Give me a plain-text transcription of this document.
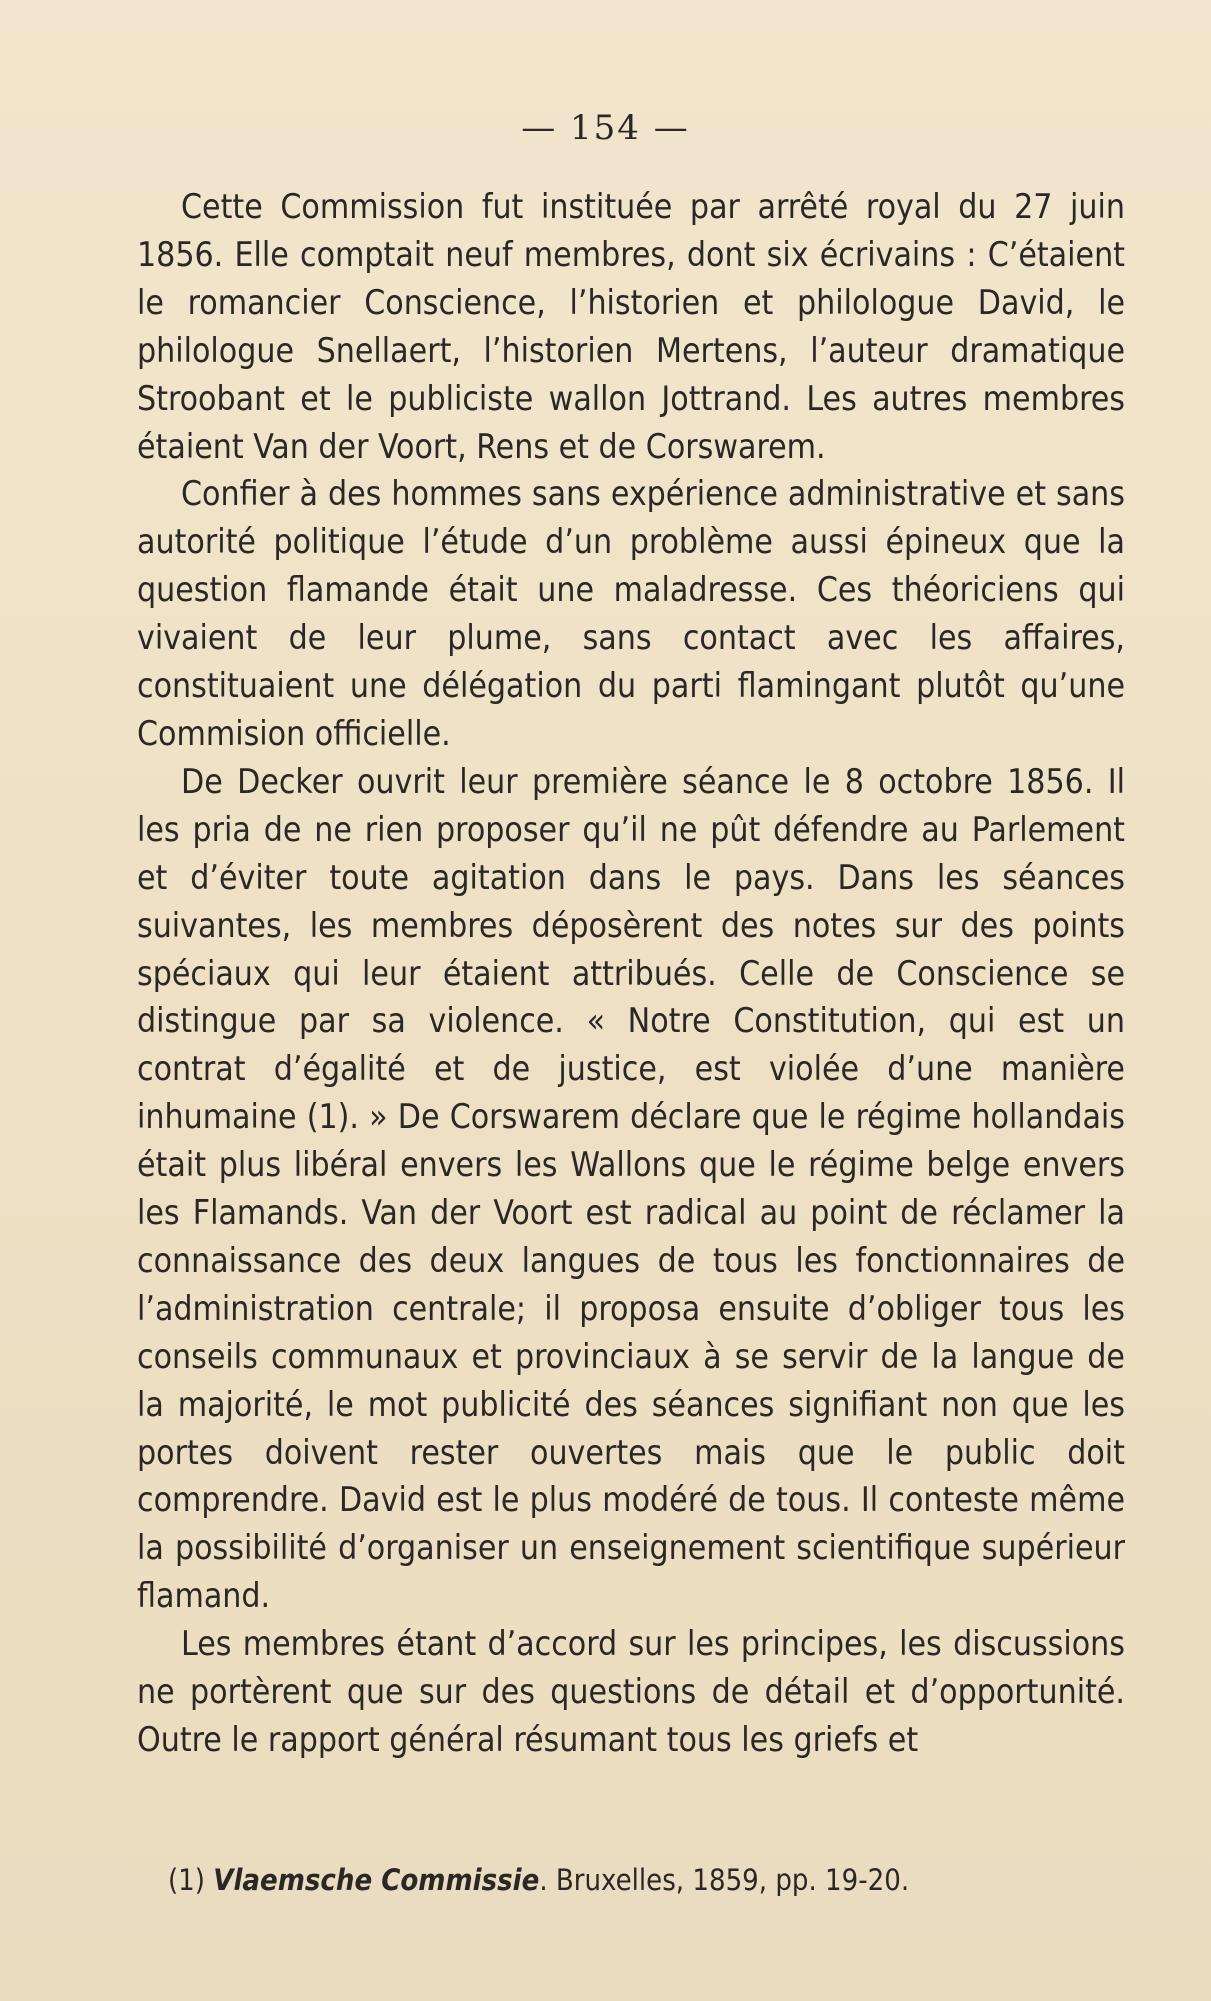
— 154 —

Cette Commission fut instituée par arrêté royal du 27 juin 1856. Elle comptait neuf membres, dont six écrivains : C’étaient le romancier Conscience, l’historien et philologue David, le philologue Snellaert, l’historien Mertens, l’auteur dramatique Stroobant et le publiciste wallon Jottrand. Les autres membres étaient Van der Voort, Rens et de Corswarem.

Confier à des hommes sans expérience administrative et sans autorité politique l’étude d’un problème aussi épineux que la question flamande était une maladresse. Ces théoriciens qui vivaient de leur plume, sans contact avec les affaires, constituaient une délégation du parti flamingant plutôt qu’une Commision officielle.

De Decker ouvrit leur première séance le 8 octobre 1856. Il les pria de ne rien proposer qu’il ne pût défendre au Parlement et d’éviter toute agitation dans le pays. Dans les séances suivantes, les membres déposèrent des notes sur des points spéciaux qui leur étaient attribués. Celle de Conscience se distingue par sa violence. « Notre Constitution, qui est un contrat d’égalité et de justice, est violée d’une manière inhumaine (1). » De Corswarem déclare que le régime hollandais était plus libéral envers les Wallons que le régime belge envers les Flamands. Van der Voort est radical au point de réclamer la connaissance des deux langues de tous les fonctionnaires de l’administration centrale; il proposa ensuite d’obliger tous les conseils communaux et provinciaux à se servir de la langue de la majorité, le mot publicité des séances signifiant non que les portes doivent rester ouvertes mais que le public doit comprendre. David est le plus modéré de tous. Il conteste même la possibilité d’organiser un enseignement scientifique supérieur flamand.

Les membres étant d’accord sur les principes, les discussions ne portèrent que sur des questions de détail et d’opportunité. Outre le rapport général résumant tous les griefs et

(1) Vlaemsche Commissie. Bruxelles, 1859, pp. 19-20.
